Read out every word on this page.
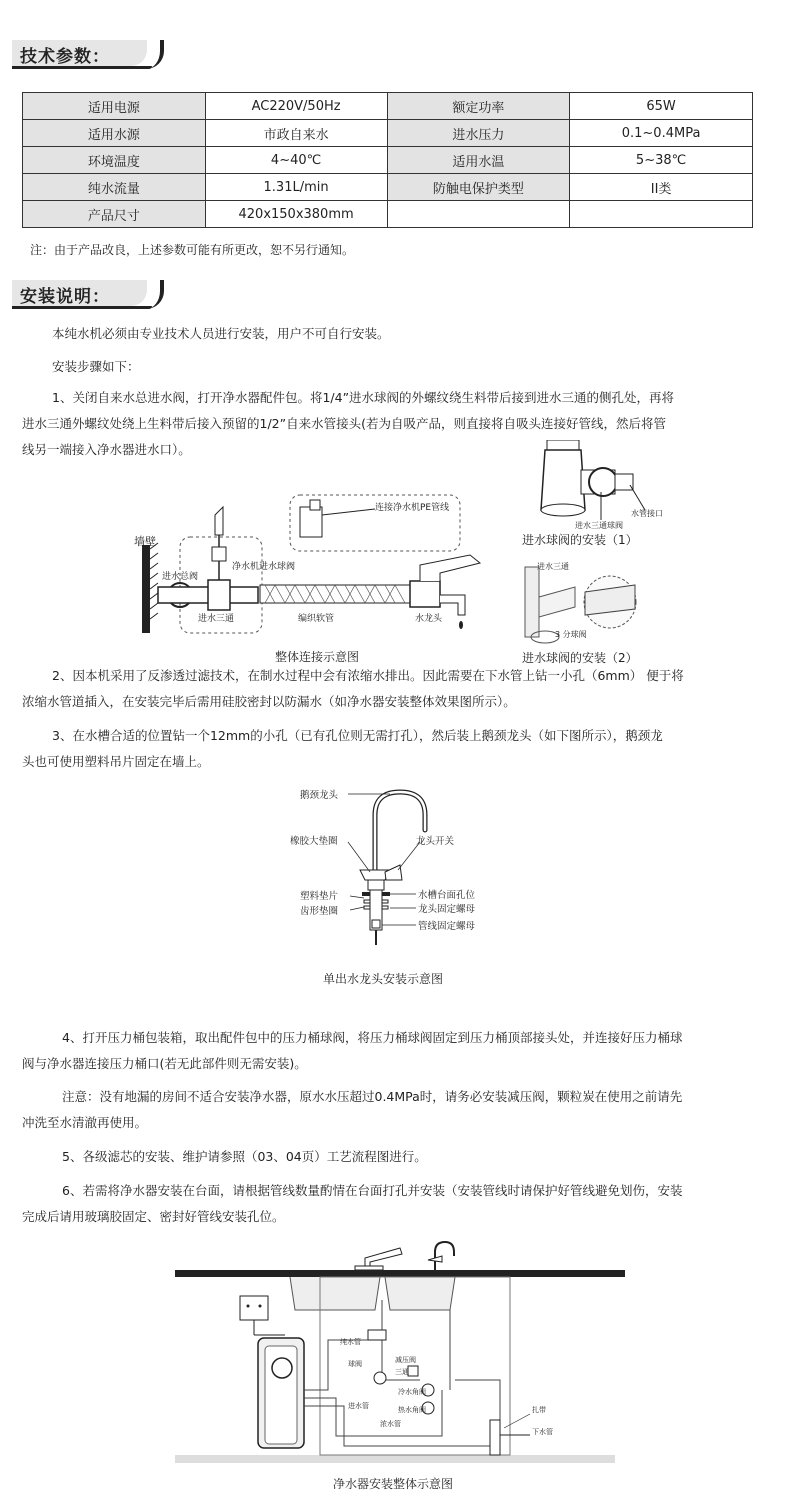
技术参数：
适用电源	AC220V/50Hz	额定功率	65W
适用水源	市政自来水	进水压力	0.1~0.4MPa
环境温度	4~40℃	适用水温	5~38℃
纯水流量	1.31L/min	防触电保护类型	II类
产品尺寸	420x150x380mm		
注：由于产品改良，上述参数可能有所更改，恕不另行通知。
安装说明：
本纯水机必须由专业技术人员进行安装，用户不可自行安装。
安装步骤如下：
1、关闭自来水总进水阀，打开净水器配件包。将1/4”进水球阀的外螺纹绕生料带后接到进水三通的侧孔处，再将
进水三通外螺纹处绕上生料带后接入预留的1/2”自来水管接头(若为自吸产品，则直接将自吸头连接好管线，然后将管
线另一端接入净水器进水口）。
连接净水机PE管线
墙壁
进水总阀
净水机进水球阀
进水三通	编织软管	水龙头
整体连接示意图
水管接口
进水三通球阀
进水球阀的安装（1）
进水三通
3 分球阀
进水球阀的安装（2）
2、因本机采用了反渗透过滤技术，在制水过程中会有浓缩水排出。因此需要在下水管上钻一小孔（6mm） 便于将
浓缩水管道插入，在安装完毕后需用硅胶密封以防漏水（如净水器安装整体效果图所示）。
3、在水槽合适的位置钻一个12mm的小孔（已有孔位则无需打孔），然后装上鹅颈龙头（如下图所示），鹅颈龙
头也可使用塑料吊片固定在墙上。
鹅颈龙头
橡胶大垫圈	龙头开关
塑料垫片
齿形垫圈
水槽台面孔位
龙头固定螺母
管线固定螺母
单出水龙头安装示意图
4、打开压力桶包装箱，取出配件包中的压力桶球阀，将压力桶球阀固定到压力桶顶部接头处，并连接好压力桶球
阀与净水器连接压力桶口(若无此部件则无需安装)。
注意：没有地漏的房间不适合安装净水器，原水水压超过0.4MPa时，请务必安装减压阀，颗粒炭在使用之前请先
冲洗至水清澈再使用。
5、各级滤芯的安装、维护请参照（03、04页）工艺流程图进行。
6、若需将净水器安装在台面，请根据管线数量酌情在台面打孔并安装（安装管线时请保护好管线避免划伤，安装
完成后请用玻璃胶固定、密封好管线安装孔位。
纯水管
球阀	减压阀
三通
冷水角阀
进水管	热水角阀
浓水管
扎带
下水管
净水器安装整体示意图
